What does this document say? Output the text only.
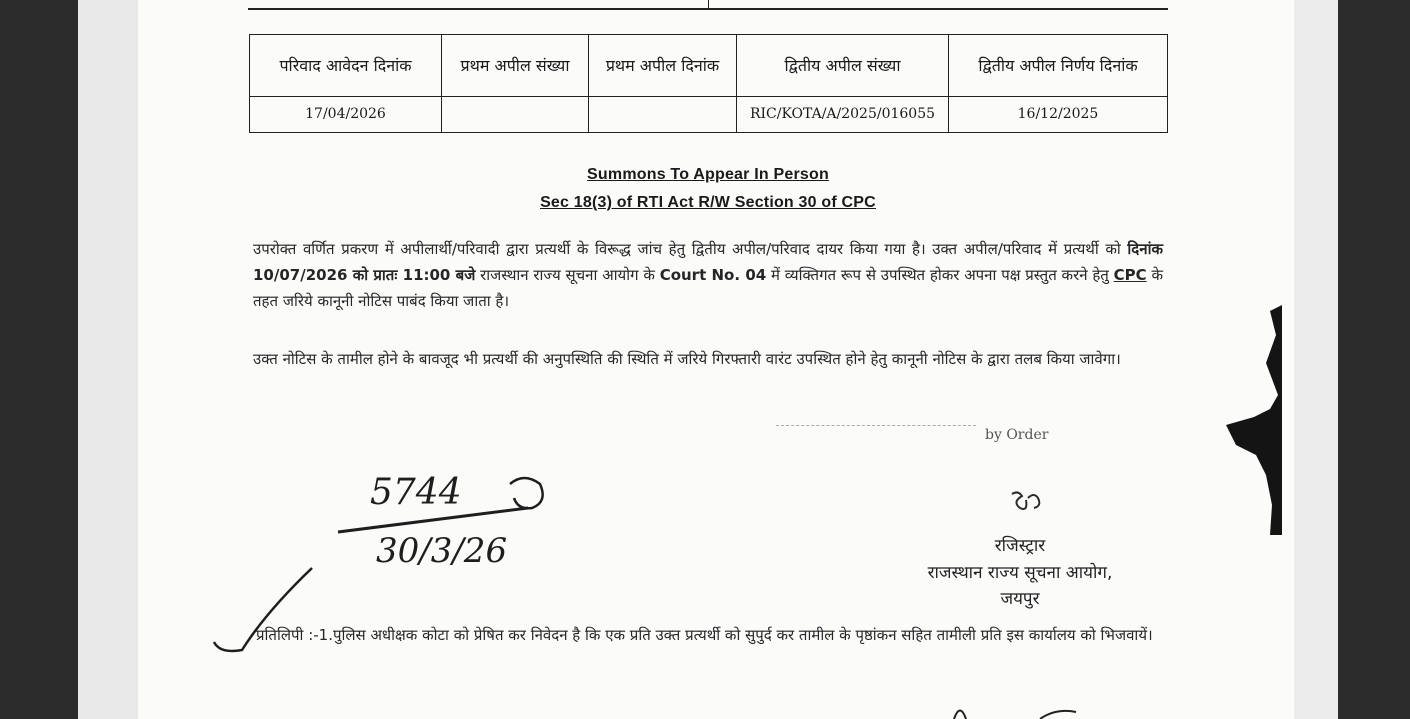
परिवाद आवेदन दिनांक	प्रथम अपील संख्या	प्रथम अपील दिनांक	द्वितीय अपील संख्या	द्वितीय अपील निर्णय दिनांक
17/04/2026			RIC/KOTA/A/2025/016055	16/12/2025
Summons To Appear In Person
Sec 18(3) of RTI Act R/W Section 30 of CPC
उपरोक्त वर्णित प्रकरण में अपीलार्थी/परिवादी द्वारा प्रत्यर्थी के विरूद्ध जांच हेतु द्वितीय अपील/परिवाद दायर किया गया है। उक्त अपील/परिवाद में प्रत्यर्थी को दिनांक 10/07/2026 को प्रातः 11:00 बजे राजस्थान राज्य सूचना आयोग के Court No. 04 में व्यक्तिगत रूप से उपस्थित होकर अपना पक्ष प्रस्तुत करने हेतु CPC के तहत जरिये कानूनी नोटिस पाबंद किया जाता है।
उक्त नोटिस के तामील होने के बावजूद भी प्रत्यर्थी की अनुपस्थिति की स्थिति में जरिये गिरफ्तारी वारंट उपस्थित होने हेतु कानूनी नोटिस के द्वारा तलब किया जावेगा।
by Order
रजिस्ट्रार
राजस्थान राज्य सूचना आयोग,
जयपुर
5744
30/3/26
प्रतिलिपी :-1.पुलिस अधीक्षक कोटा को प्रेषित कर निवेदन है कि एक प्रति उक्त प्रत्यर्थी को सुपुर्द कर तामील के पृष्ठांकन सहित तामीली प्रति इस कार्यालय को भिजवायें।
